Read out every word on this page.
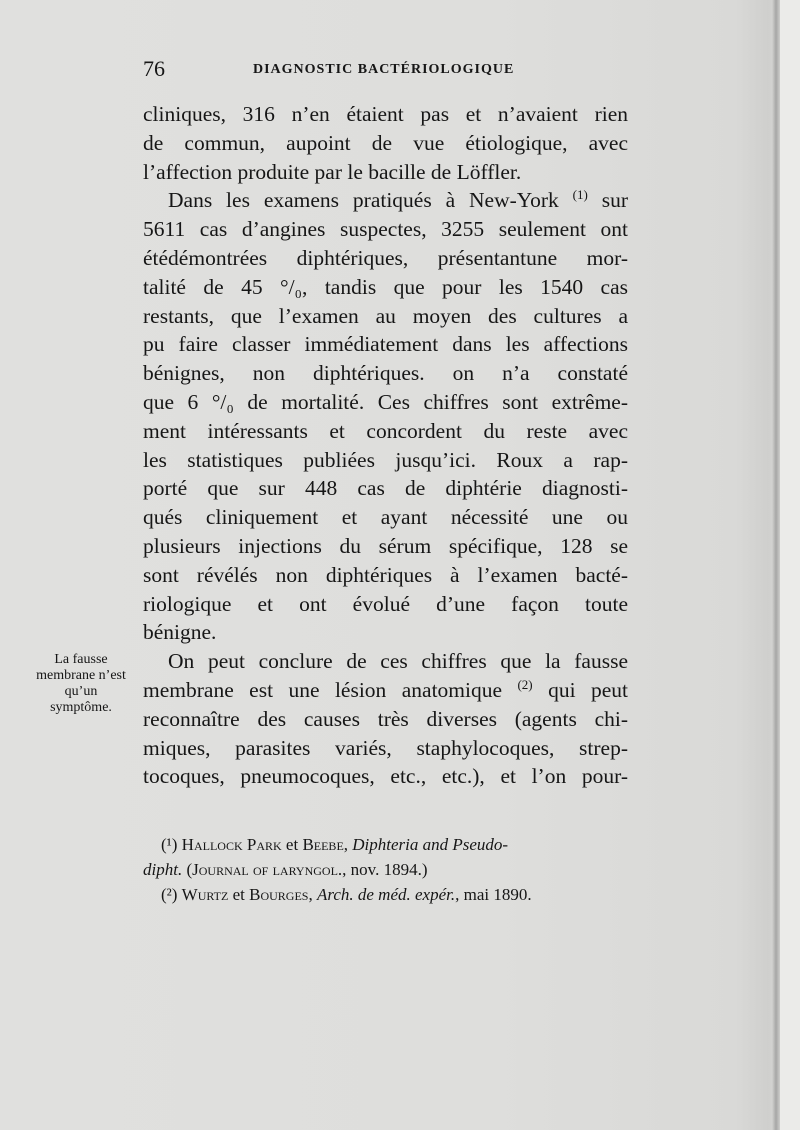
76	DIAGNOSTIC BACTÉRIOLOGIQUE
La fausse
membrane n’est
qu’un
symptôme.
cliniques, 316 n’en étaient pas et n’avaient rien
de commun, aupoint de vue étiologique, avec
l’affection produite par le bacille de Löffler.
Dans les examens pratiqués à New-York $^{(1)}$ sur
5611 cas d’angines suspectes, 3255 seulement ont
étédémontrées diphtériques, présentantune mor-
talité de 45 °/₀, tandis que pour les 1540 cas
restants, que l’examen au moyen des cultures a
pu faire classer immédiatement dans les affections
bénignes, non diphtériques. on n’a constaté
que 6 °/₀ de mortalité. Ces chiffres sont extrême-
ment intéressants et concordent du reste avec
les statistiques publiées jusqu’ici. Roux a rap-
porté que sur 448 cas de diphtérie diagnosti-
qués cliniquement et ayant nécessité une ou
plusieurs injections du sérum spécifique, 128 se
sont révélés non diphtériques à l’examen bacté-
riologique et ont évolué d’une façon toute
bénigne.
On peut conclure de ces chiffres que la fausse
membrane est une lésion anatomique $^{(2)}$ qui peut
reconnaître des causes très diverses (agents chi-
miques, parasites variés, staphylocoques, strep-
tocoques, pneumocoques, etc., etc.), et l’on pour-
(¹) Hallock Park et Beebe, Diphteria and Pseudo-
dipht. (Journal of laryngol., nov. 1894.)
(²) Wurtz et Bourges, Arch. de méd. expér., mai 1890.
